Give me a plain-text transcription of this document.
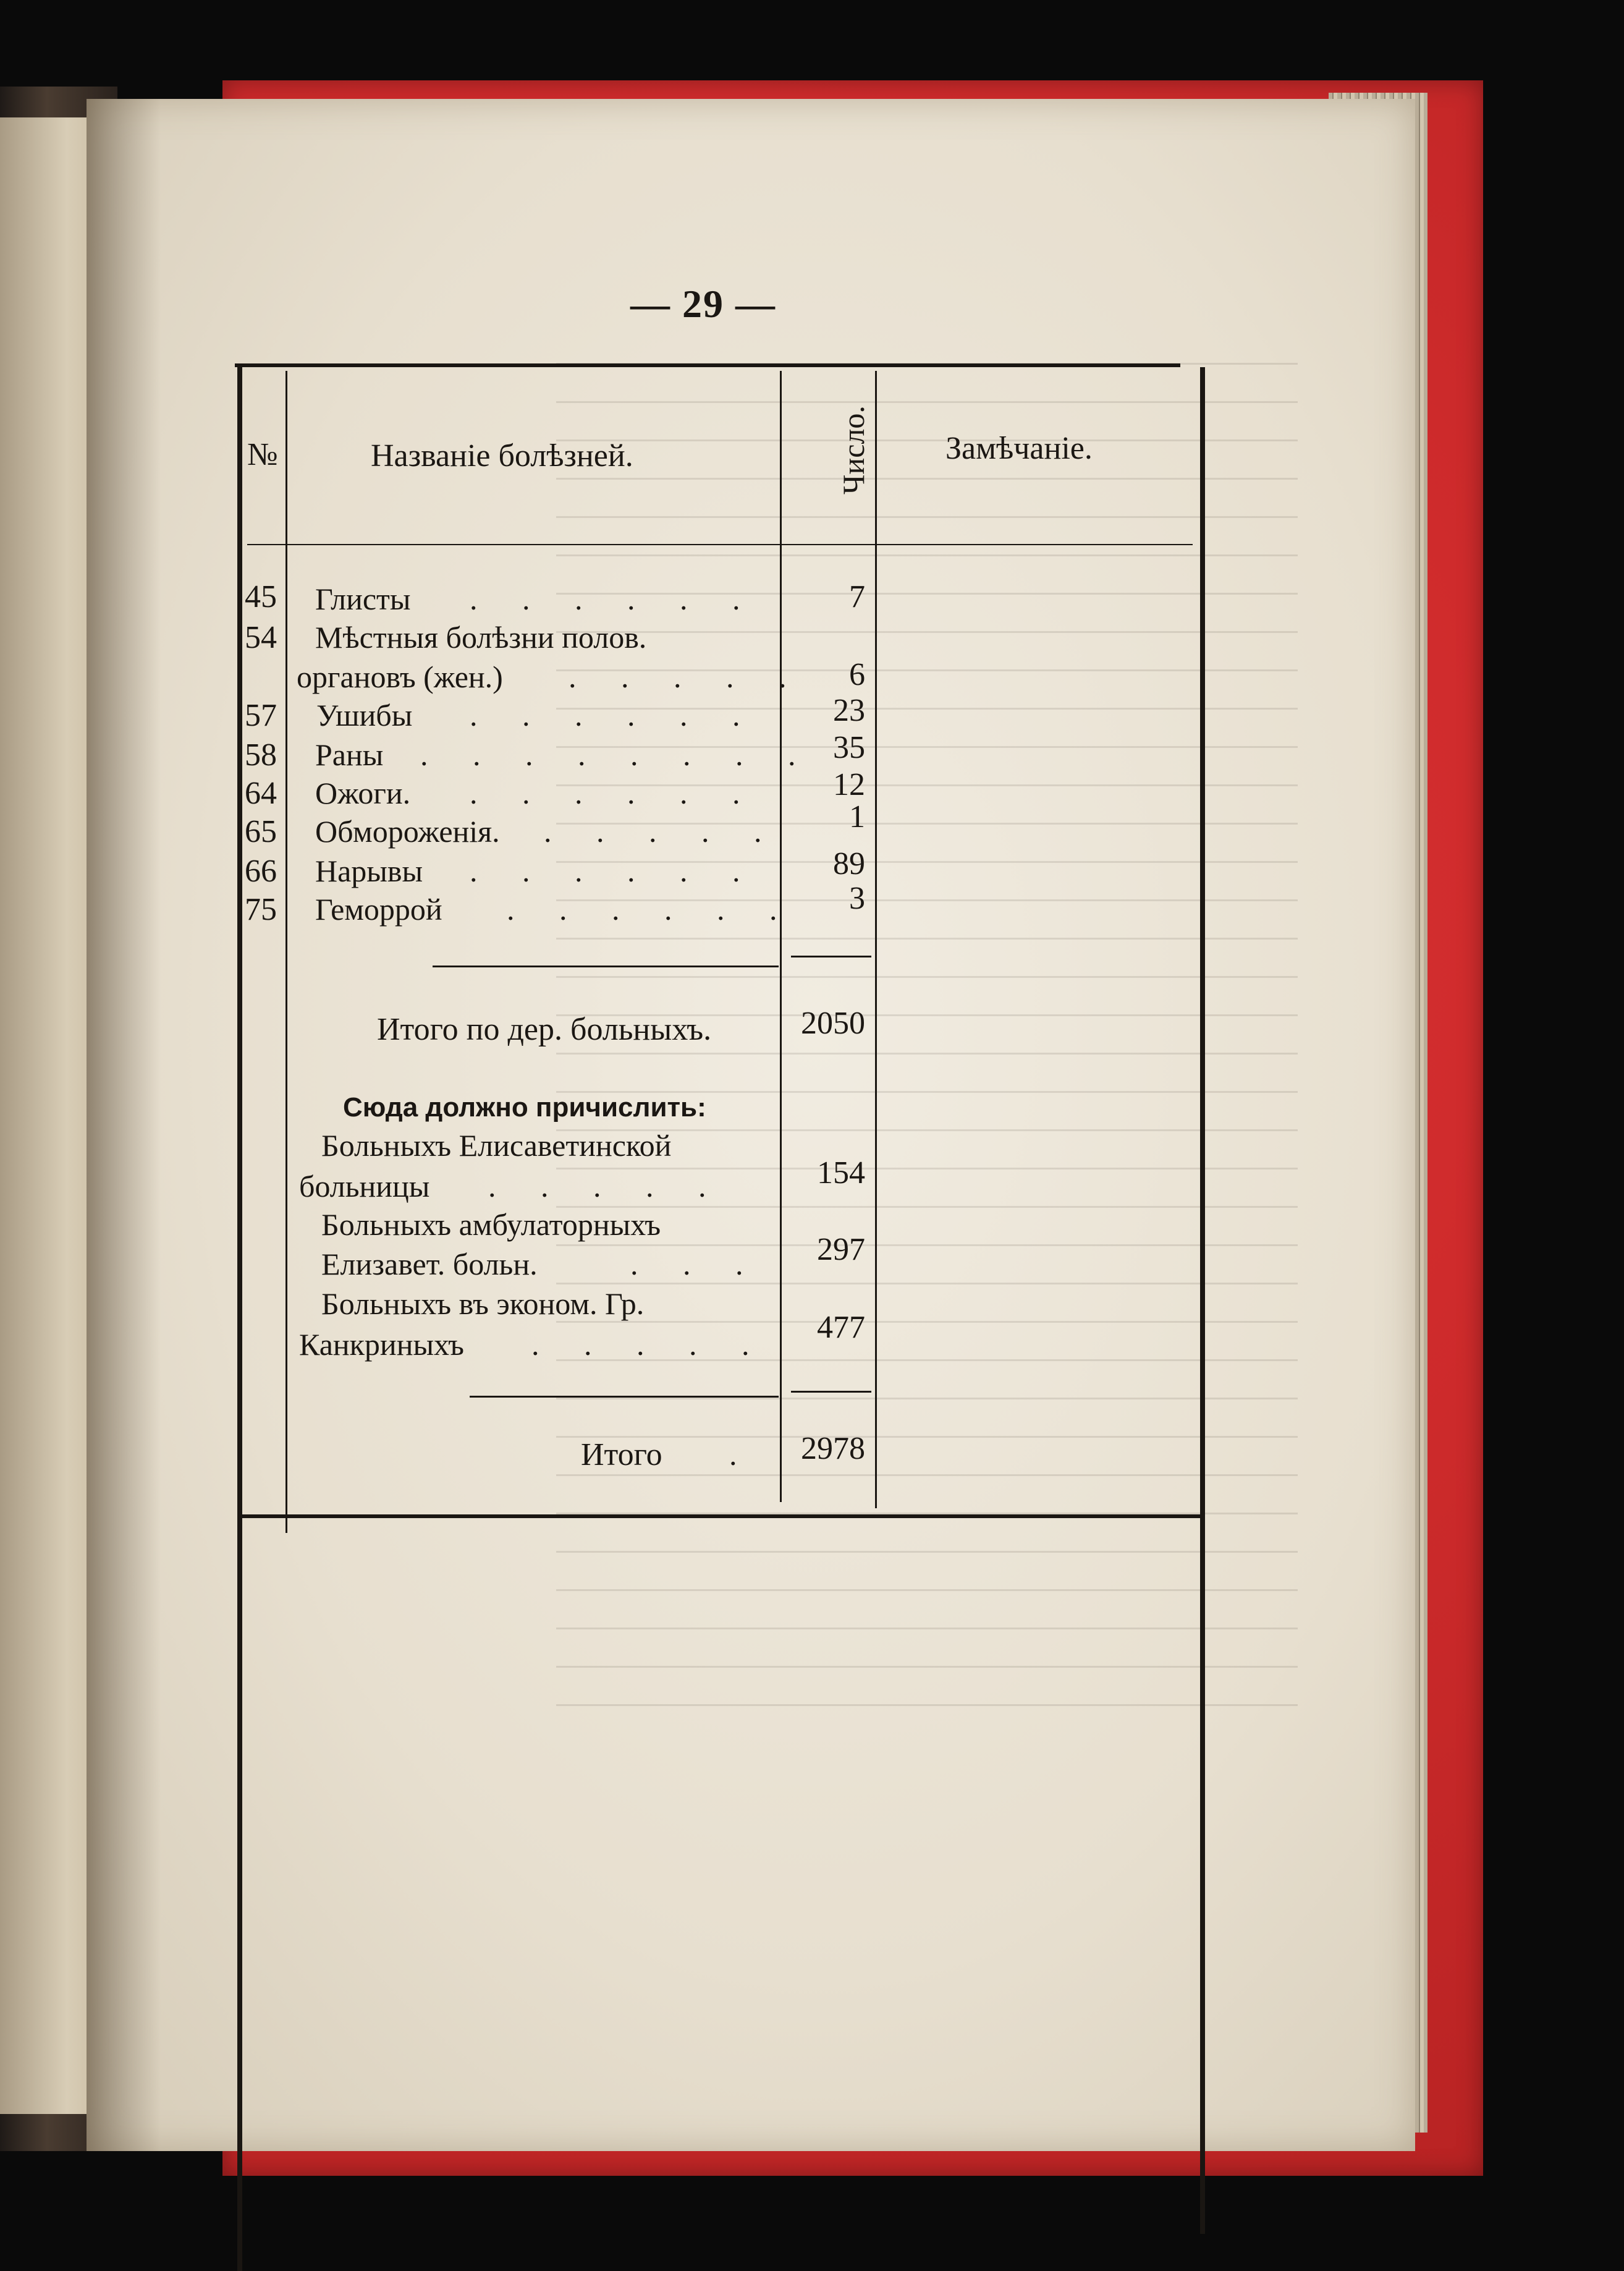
— 29 —
№	Названіе болѣзней.	Число. Замѣчаніе.
45 Глисты . . . . . .	7
54 Мѣстныя болѣзни полов.
органовъ (жен.) . . . . .	6
57 Ушибы . . . . . .	23
58 Раны . . . . . . . . 35
64 Ожоги. . . . . . .	12
65 Обмороженія. . . . . .	1
66 Нарывы . . . . . .	89
75 Геморрой . . . . . .	3
Итого по дер. больныхъ.	2050
Сюда должно причислить:
Больныхъ Елисаветинской
больницы . . . . .	154
Больныхъ амбулаторныхъ
Елизавет. больн.	. . .	297
Больныхъ въ эконом. Гр.
Канкриныхъ . . . . .	477
Итого .	2978
